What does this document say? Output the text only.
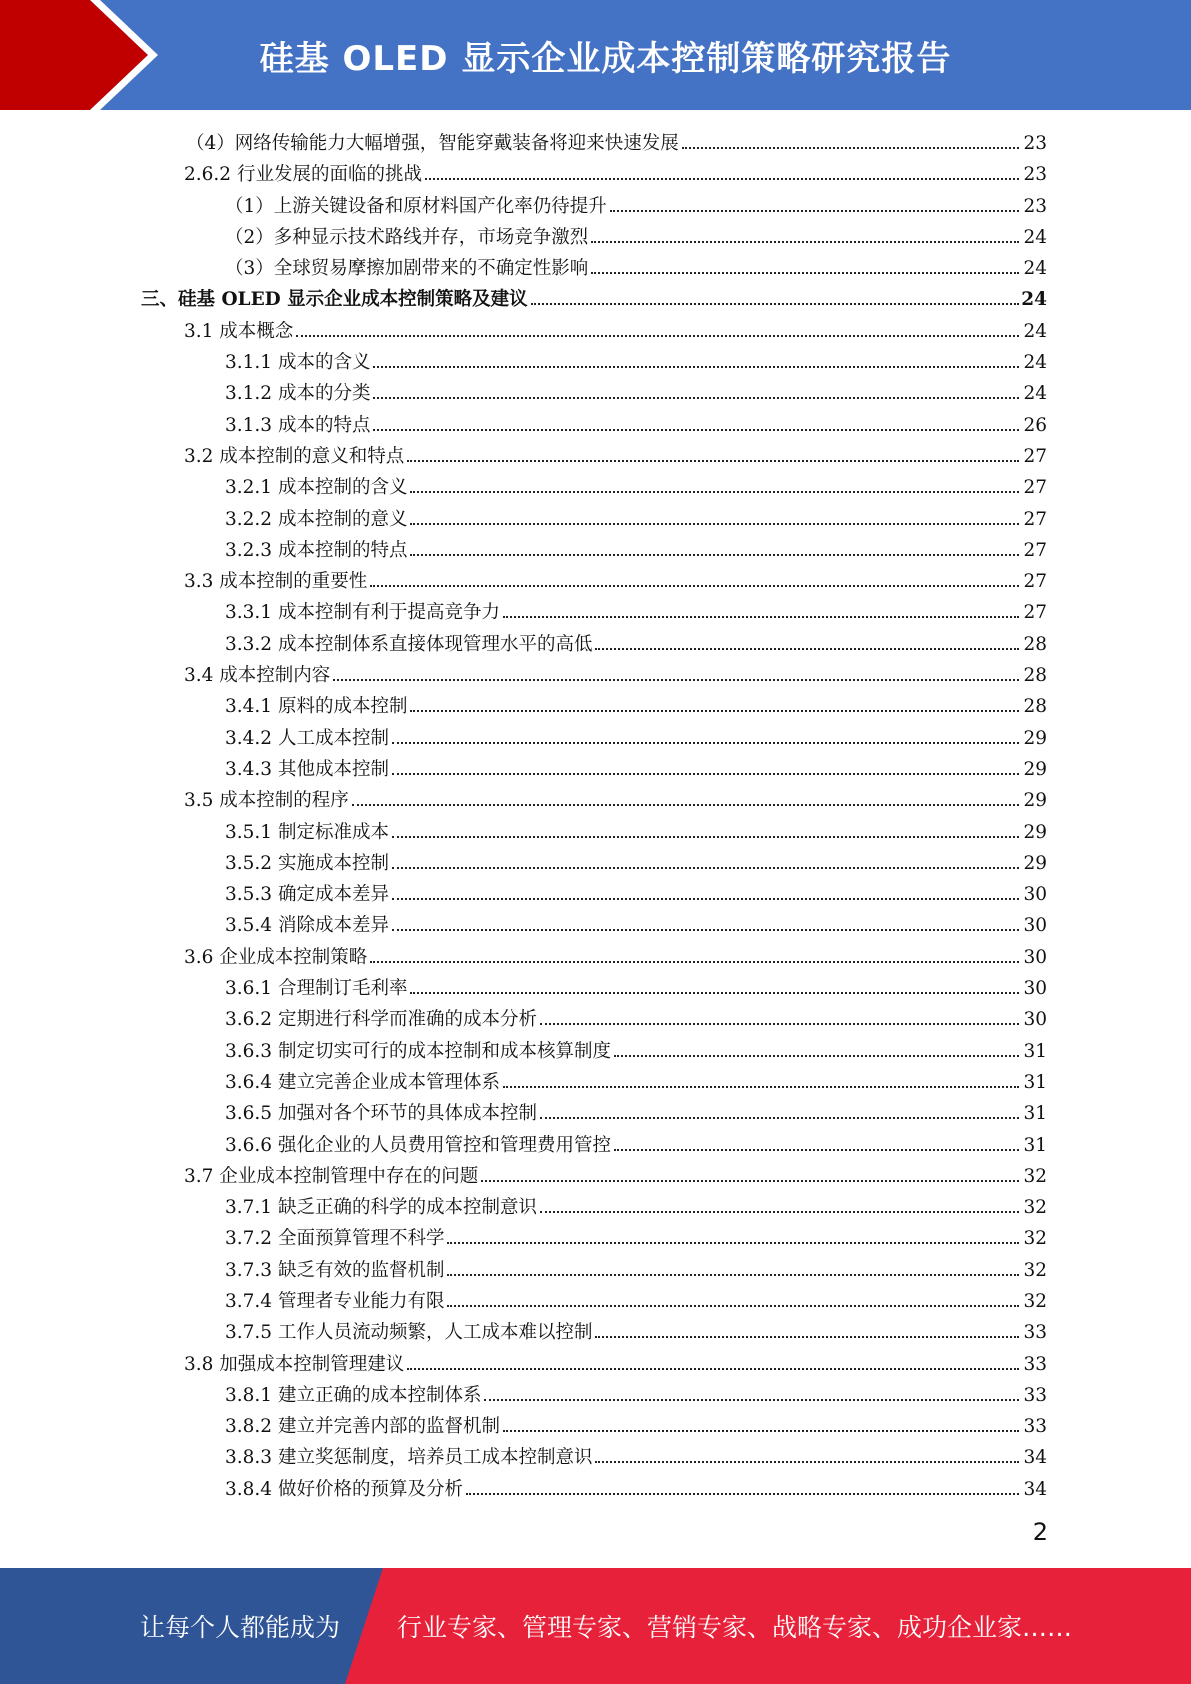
硅基 OLED 显示企业成本控制策略研究报告
（4）网络传输能力大幅增强，智能穿戴装备将迎来快速发展	23
2.6.2 行业发展的面临的挑战	23
（1）上游关键设备和原材料国产化率仍待提升	23
（2）多种显示技术路线并存，市场竞争激烈	24
（3）全球贸易摩擦加剧带来的不确定性影响	24
三、硅基 OLED 显示企业成本控制策略及建议	24
3.1 成本概念	24
3.1.1 成本的含义	24
3.1.2 成本的分类	24
3.1.3 成本的特点	26
3.2 成本控制的意义和特点	27
3.2.1 成本控制的含义	27
3.2.2 成本控制的意义	27
3.2.3 成本控制的特点	27
3.3 成本控制的重要性	27
3.3.1 成本控制有利于提高竞争力	27
3.3.2 成本控制体系直接体现管理水平的高低	28
3.4 成本控制内容	28
3.4.1 原料的成本控制	28
3.4.2 人工成本控制	29
3.4.3 其他成本控制	29
3.5 成本控制的程序	29
3.5.1 制定标准成本	29
3.5.2 实施成本控制	29
3.5.3 确定成本差异	30
3.5.4 消除成本差异	30
3.6 企业成本控制策略	30
3.6.1 合理制订毛利率	30
3.6.2 定期进行科学而准确的成本分析	30
3.6.3 制定切实可行的成本控制和成本核算制度	31
3.6.4 建立完善企业成本管理体系	31
3.6.5 加强对各个环节的具体成本控制	31
3.6.6 强化企业的人员费用管控和管理费用管控	31
3.7 企业成本控制管理中存在的问题	32
3.7.1 缺乏正确的科学的成本控制意识	32
3.7.2 全面预算管理不科学	32
3.7.3 缺乏有效的监督机制	32
3.7.4 管理者专业能力有限	32
3.7.5 工作人员流动频繁，人工成本难以控制	33
3.8 加强成本控制管理建议	33
3.8.1 建立正确的成本控制体系	33
3.8.2 建立并完善内部的监督机制	33
3.8.3 建立奖惩制度，培养员工成本控制意识	34
3.8.4 做好价格的预算及分析	34
2
让每个人都能成为 行业专家、管理专家、营销专家、战略专家、成功企业家……
